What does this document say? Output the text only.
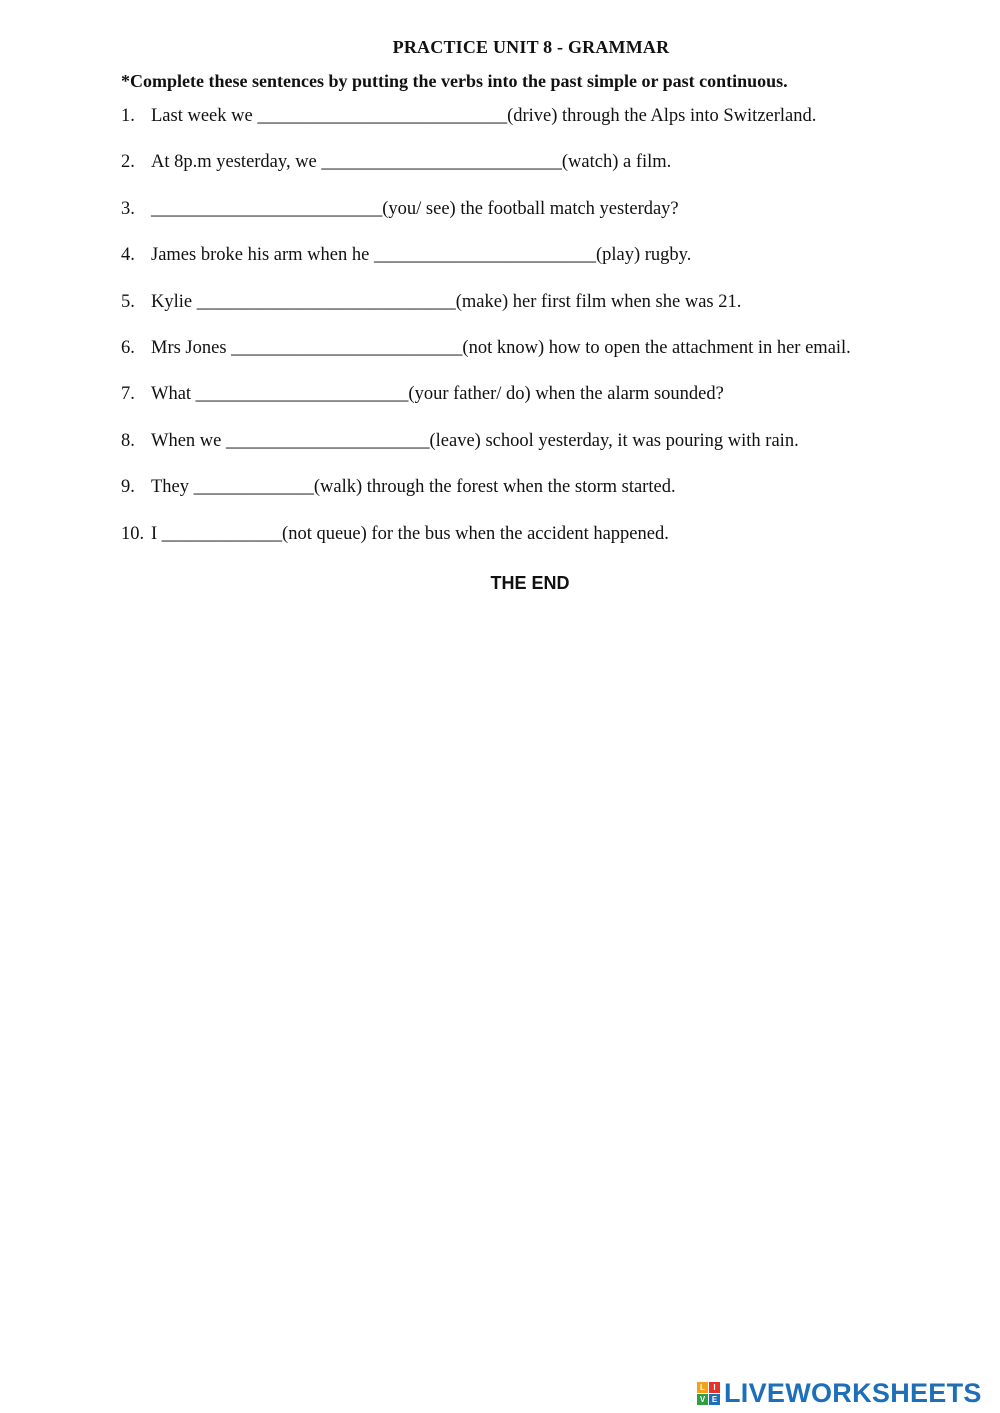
PRACTICE UNIT 8 - GRAMMAR
*Complete these sentences by putting the verbs into the past simple or past continuous.
1. Last week we ___________________________(drive) through the Alps into Switzerland.
2. At 8p.m yesterday, we __________________________(watch) a film.
3. _________________________(you/ see) the football match yesterday?
4. James broke his arm when he ________________________(play) rugby.
5. Kylie ____________________________(make) her first film when she was 21.
6. Mrs Jones _________________________(not know) how to open the attachment in her email.
7. What _______________________(your father/ do) when the alarm sounded?
8. When we ______________________(leave) school yesterday, it was pouring with rain.
9. They _____________(walk) through the forest when the storm started.
10. I _____________(not queue) for the bus when the accident happened.
THE END
L	I
V E LIVEWORKSHEETS
